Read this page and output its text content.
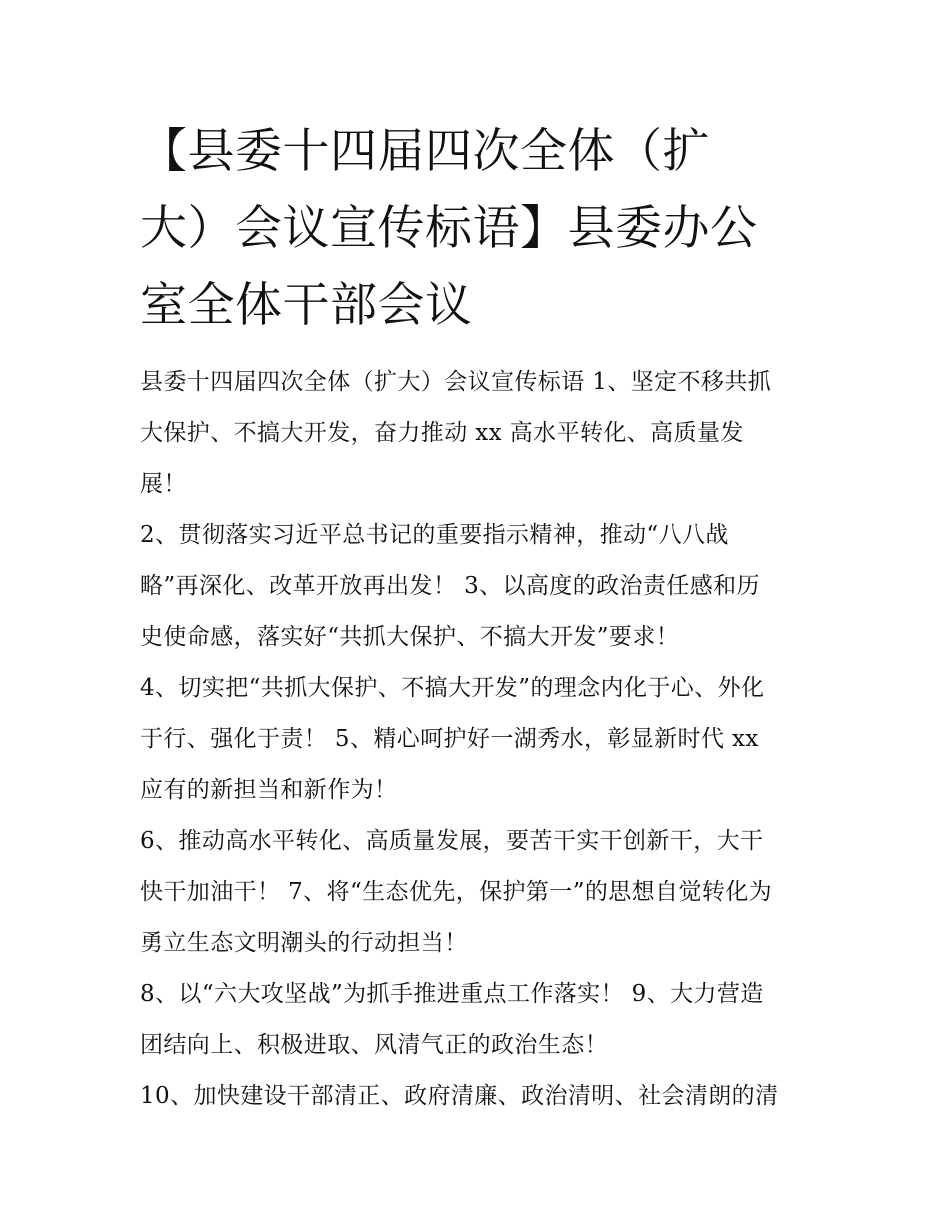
【县委十四届四次全体（扩
大）会议宣传标语】县委办公
室全体干部会议

县委十四届四次全体（扩大）会议宣传标语 1、坚定不移共抓
大保护、不搞大开发，奋力推动 xx 高水平转化、高质量发
展！

2、贯彻落实习近平总书记的重要指示精神，推动“八八战
略”再深化、改革开放再出发！ 3、以高度的政治责任感和历
史使命感，落实好“共抓大保护、不搞大开发”要求！

4、切实把“共抓大保护、不搞大开发”的理念内化于心、外化
于行、强化于责！ 5、精心呵护好一湖秀水，彰显新时代 xx
应有的新担当和新作为！

6、推动高水平转化、高质量发展，要苦干实干创新干，大干
快干加油干！ 7、将“生态优先，保护第一”的思想自觉转化为
勇立生态文明潮头的行动担当！

8、以“六大攻坚战”为抓手推进重点工作落实！ 9、大力营造
团结向上、积极进取、风清气正的政治生态！

10、加快建设干部清正、政府清廉、政治清明、社会清朗的清
